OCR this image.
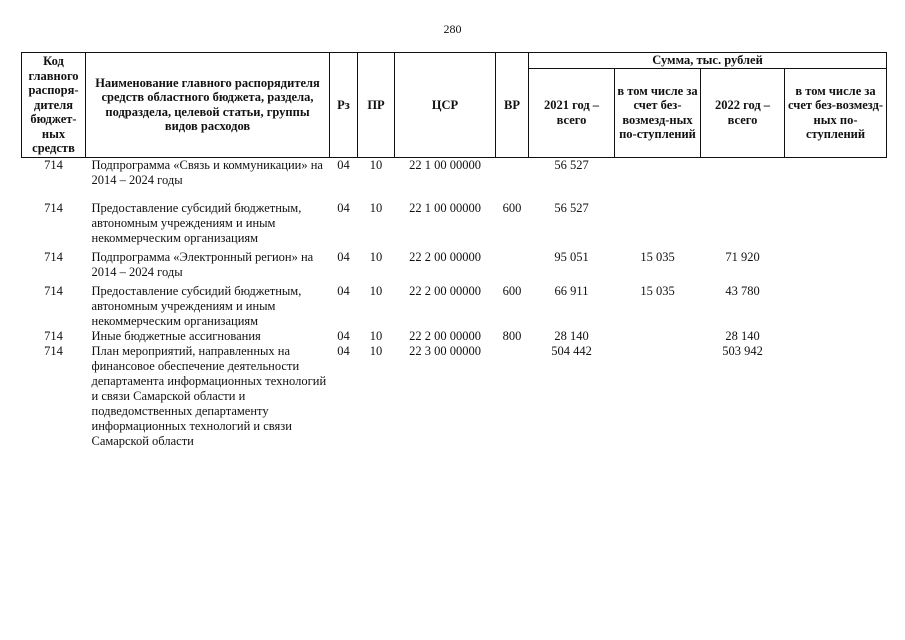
280
Код главного распоря-дителя бюджет-ных средств	Наименование главного распорядителя средств областного бюджета, раздела, подраздела, целевой статьи, группы видов расходов	Рз	ПР	ЦСР	ВР	Сумма, тыс. рублей			
						2021 год – всего	в том числе за счет без-возмезд-ных по-ступлений	2022 год – всего	в том числе за счет без-возмезд-ных по-ступлений
714	Подпрограмма «Связь и коммуникации» на 2014 – 2024 годы	04	10	22 1 00 00000		56 527			
714	Предоставление субсидий бюджетным, автономным учреждениям и иным некоммерческим организациям	04	10	22 1 00 00000	600	56 527			
714	Подпрограмма «Электронный регион» на 2014 – 2024 годы	04	10	22 2 00 00000		95 051	15 035	71 920	
714	Предоставление субсидий бюджетным, автономным учреждениям и иным некоммерческим организациям	04	10	22 2 00 00000	600	66 911	15 035	43 780	
714	Иные бюджетные ассигнования	04	10	22 2 00 00000	800	28 140		28 140	
714	План мероприятий, направленных на финансовое обеспечение деятельности департамента информационных технологий и связи Самарской области и подведомственных департаменту информационных технологий и связи Самарской области	04	10	22 3 00 00000		504 442		503 942	
